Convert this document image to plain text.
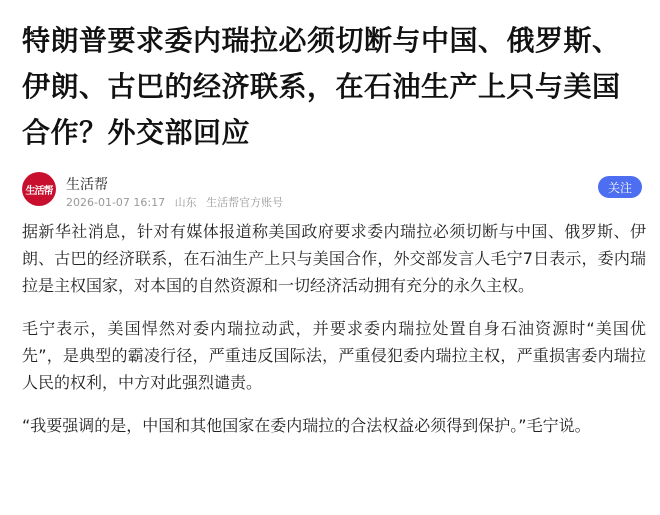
特朗普要求委内瑞拉必须切断与中国、俄罗斯、伊朗、古巴的经济联系，在石油生产上只与美国合作？外交部回应
生活帮 生活帮
2026-01-07 16:17 山东 生活帮官方账号
关注

据新华社消息，针对有媒体报道称美国政府要求委内瑞拉必须切断与中国、俄罗斯、伊朗、古巴的经济联系，在石油生产上只与美国合作，外交部发言人毛宁7日表示，委内瑞拉是主权国家，对本国的自然资源和一切经济活动拥有充分的永久主权。

毛宁表示，美国悍然对委内瑞拉动武，并要求委内瑞拉处置自身石油资源时“美国优先”，是典型的霸凌行径，严重违反国际法，严重侵犯委内瑞拉主权，严重损害委内瑞拉人民的权利，中方对此强烈谴责。

“我要强调的是，中国和其他国家在委内瑞拉的合法权益必须得到保护。”毛宁说。
